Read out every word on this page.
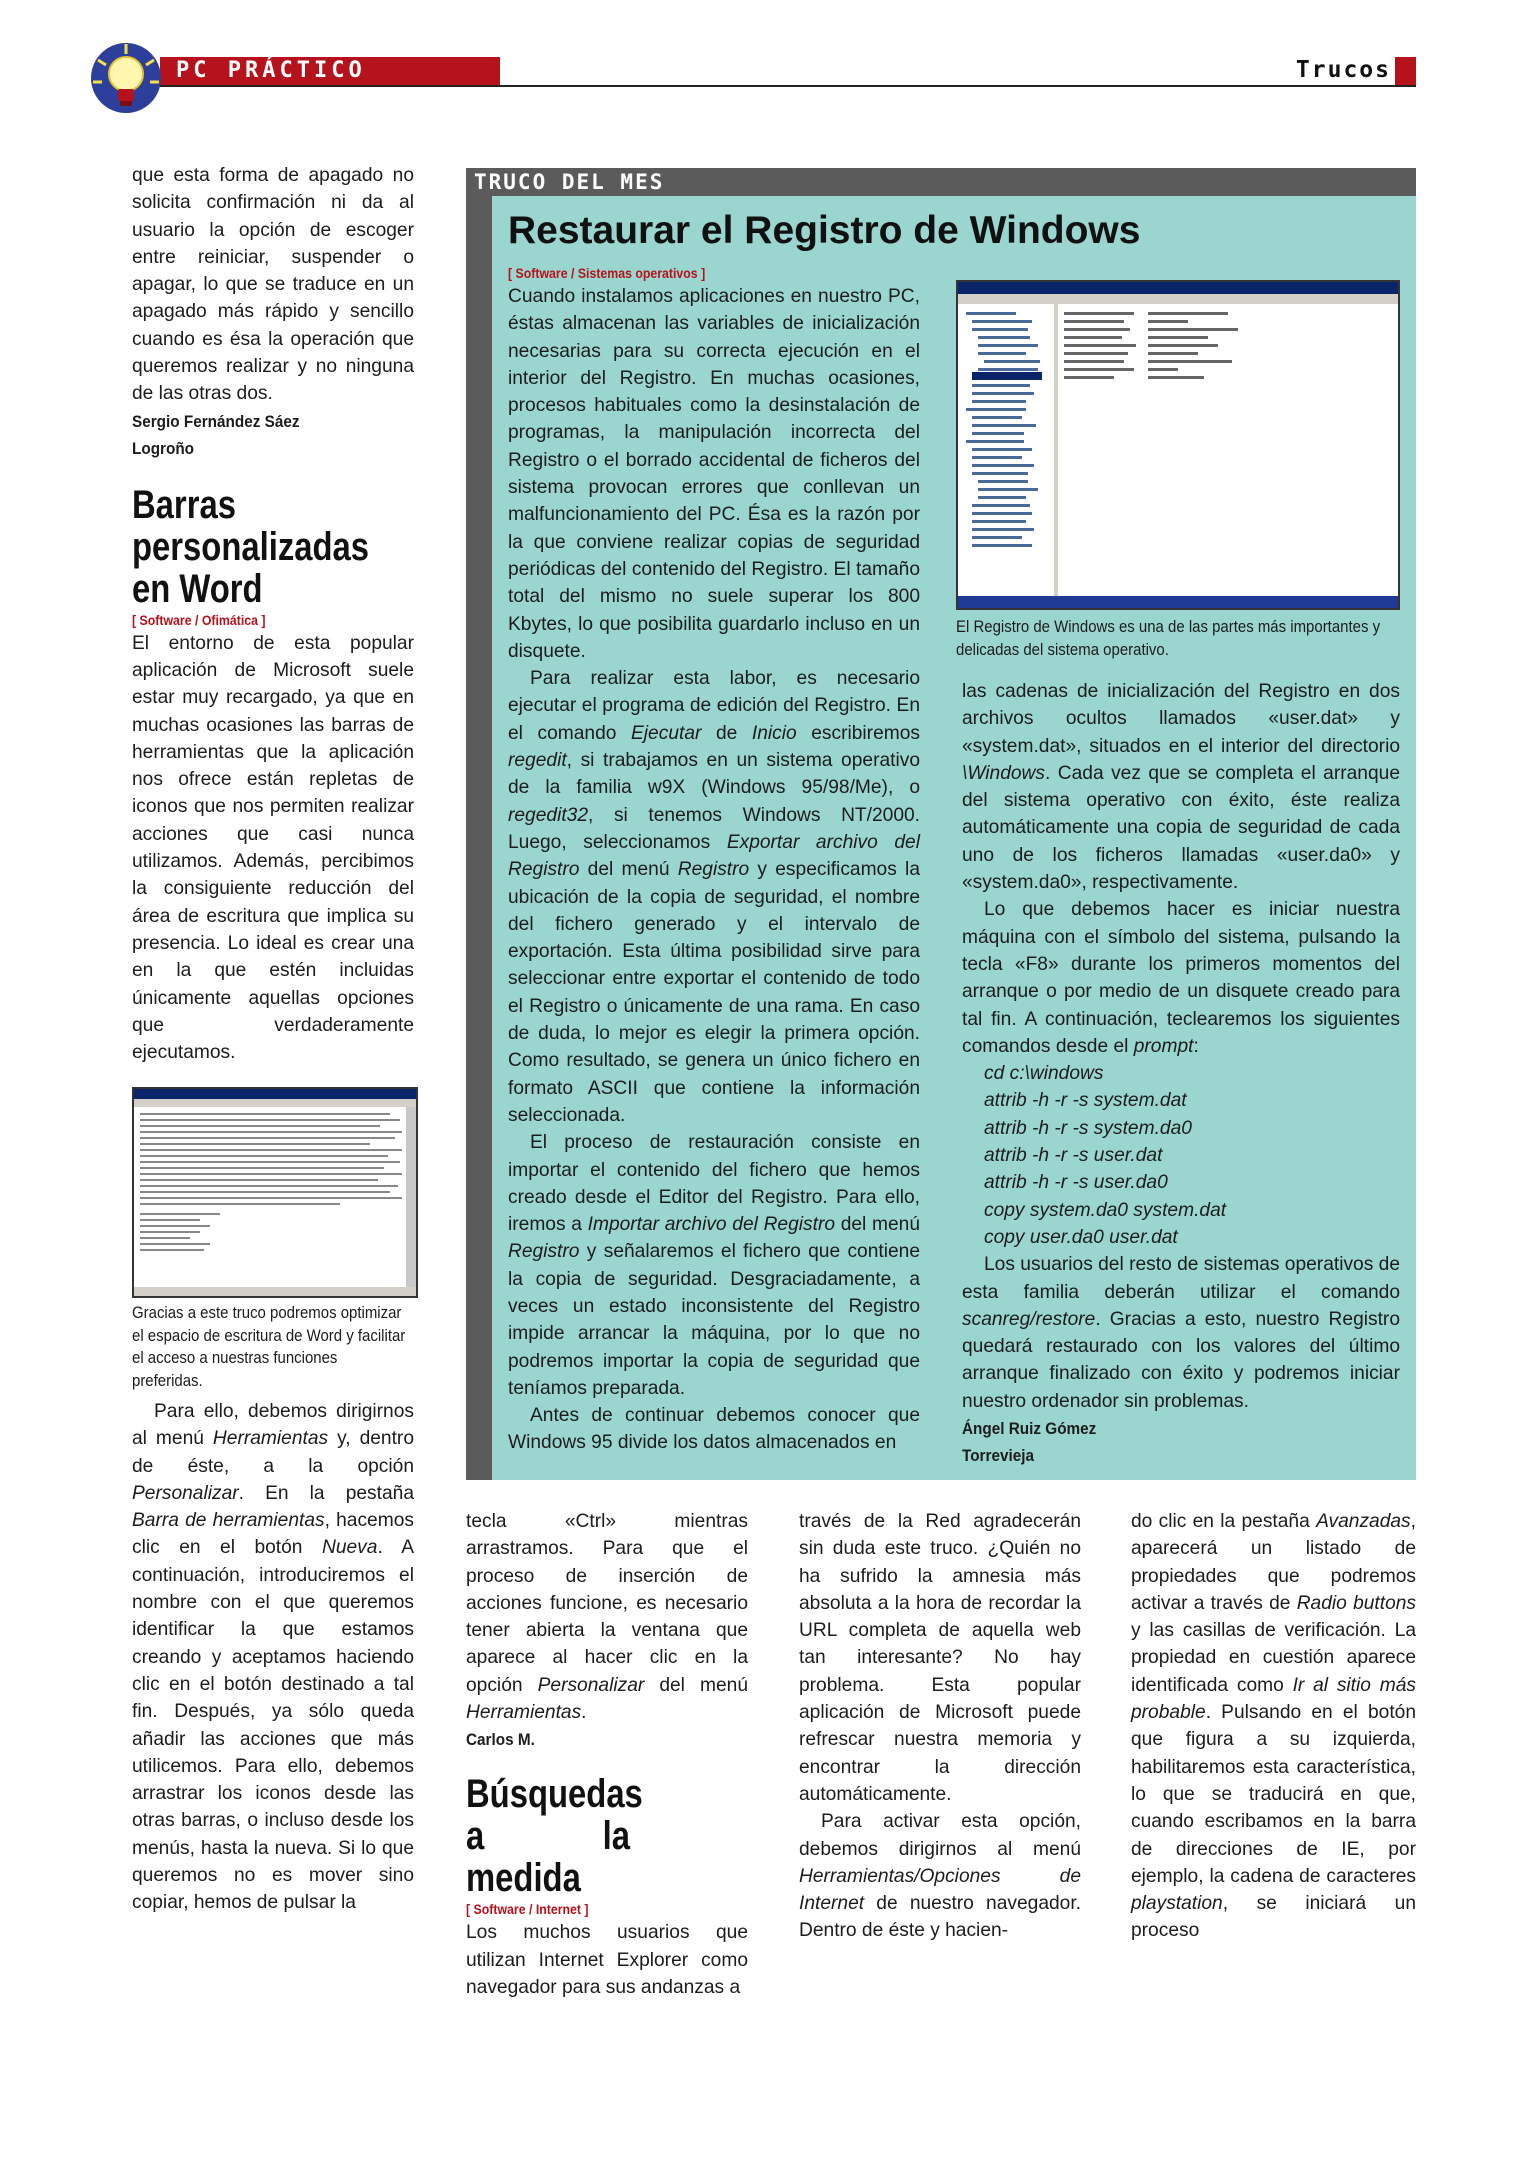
PC PRÁCTICO	Trucos

que esta forma de apagado no solicita confirmación ni da al usuario la opción de escoger entre reiniciar, suspender o apagar, lo que se traduce en un apagado más rápido y sencillo cuando es ésa la operación que queremos realizar y no ninguna de las otras dos.

Sergio Fernández Sáez
Logroño
Barras personalizadas en Word
[ Software / Ofimática ]

El entorno de esta popular aplicación de Microsoft suele estar muy recargado, ya que en muchas ocasiones las barras de herramientas que la aplicación nos ofrece están repletas de iconos que nos permiten realizar acciones que casi nunca utilizamos. Además, percibimos la consiguiente reducción del área de escritura que implica su presencia. Lo ideal es crear una en la que estén incluidas únicamente aquellas opciones que verdaderamente ejecutamos.

Gracias a este truco podremos optimizar el espacio de escritura de Word y facilitar el acceso a nuestras funciones preferidas.

Para ello, debemos dirigirnos al menú Herramientas y, dentro de éste, a la opción Personalizar. En la pestaña Barra de herramientas, hacemos clic en el botón Nueva. A continuación, introduciremos el nombre con el que queremos identificar la que estamos creando y aceptamos haciendo clic en el botón destinado a tal fin. Después, ya sólo queda añadir las acciones que más utilicemos. Para ello, debemos arrastrar los iconos desde las otras barras, o incluso desde los menús, hasta la nueva. Si lo que queremos no es mover sino copiar, hemos de pulsar la

TRUCO DEL MES
Restaurar el Registro de Windows
[ Software / Sistemas operativos ]

Cuando instalamos aplicaciones en nuestro PC, éstas almacenan las variables de inicialización necesarias para su correcta ejecución en el interior del Registro. En muchas ocasiones, procesos habituales como la desinstalación de programas, la manipulación incorrecta del Registro o el borrado accidental de ficheros del sistema provocan errores que conllevan un malfuncionamiento del PC. Ésa es la razón por la que conviene realizar copias de seguridad periódicas del contenido del Registro. El tamaño total del mismo no suele superar los 800 Kbytes, lo que posibilita guardarlo incluso en un disquete.

Para realizar esta labor, es necesario ejecutar el programa de edición del Registro. En el comando Ejecutar de Inicio escribiremos regedit, si trabajamos en un sistema operativo de la familia w9X (Windows 95/98/Me), o regedit32, si tenemos Windows NT/2000. Luego, seleccionamos Exportar archivo del Registro del menú Registro y especificamos la ubicación de la copia de seguridad, el nombre del fichero generado y el intervalo de exportación. Esta última posibilidad sirve para seleccionar entre exportar el contenido de todo el Registro o únicamente de una rama. En caso de duda, lo mejor es elegir la primera opción. Como resultado, se genera un único fichero en formato ASCII que contiene la información seleccionada.

El proceso de restauración consiste en importar el contenido del fichero que hemos creado desde el Editor del Registro. Para ello, iremos a Importar archivo del Registro del menú Registro y señalaremos el fichero que contiene la copia de seguridad. Desgraciadamente, a veces un estado inconsistente del Registro impide arrancar la máquina, por lo que no podremos importar la copia de seguridad que teníamos preparada.

Antes de continuar debemos conocer que Windows 95 divide los datos almacenados en

El Registro de Windows es una de las partes más importantes y delicadas del sistema operativo.

las cadenas de inicialización del Registro en dos archivos ocultos llamados «user.dat» y «system.dat», situados en el interior del directorio \Windows. Cada vez que se completa el arranque del sistema operativo con éxito, éste realiza automáticamente una copia de seguridad de cada uno de los ficheros llamadas «user.da0» y «system.da0», respectivamente.

Lo que debemos hacer es iniciar nuestra máquina con el símbolo del sistema, pulsando la tecla «F8» durante los primeros momentos del arranque o por medio de un disquete creado para tal fin. A continuación, teclearemos los siguientes comandos desde el prompt:

cd c:\windows
attrib -h -r -s system.dat
attrib -h -r -s system.da0
attrib -h -r -s user.dat
attrib -h -r -s user.da0
copy system.da0 system.dat
copy user.da0 user.dat

Los usuarios del resto de sistemas operativos de esta familia deberán utilizar el comando scanreg/restore. Gracias a esto, nuestro Registro quedará restaurado con los valores del último arranque finalizado con éxito y podremos iniciar nuestro ordenador sin problemas.

Ángel Ruiz Gómez
Torrevieja

tecla «Ctrl» mientras arrastramos. Para que el proceso de inserción de acciones funcione, es necesario tener abierta la ventana que aparece al hacer clic en la opción Personalizar del menú Herramientas.

Carlos M.
Búsquedas a la medida
[ Software / Internet ]

Los muchos usuarios que utilizan Internet Explorer como navegador para sus andanzas a

través de la Red agradecerán sin duda este truco. ¿Quién no ha sufrido la amnesia más absoluta a la hora de recordar la URL completa de aquella web tan interesante? No hay problema. Esta popular aplicación de Microsoft puede refrescar nuestra memoria y encontrar la dirección automáticamente.

Para activar esta opción, debemos dirigirnos al menú Herramientas/Opciones de Internet de nuestro navegador. Dentro de éste y hacien-

do clic en la pestaña Avanzadas, aparecerá un listado de propiedades que podremos activar a través de Radio buttons y las casillas de verificación. La propiedad en cuestión aparece identificada como Ir al sitio más probable. Pulsando en el botón que figura a su izquierda, habilitaremos esta característica, lo que se traducirá en que, cuando escribamos en la barra de direcciones de IE, por ejemplo, la cadena de caracteres playstation, se iniciará un proceso
